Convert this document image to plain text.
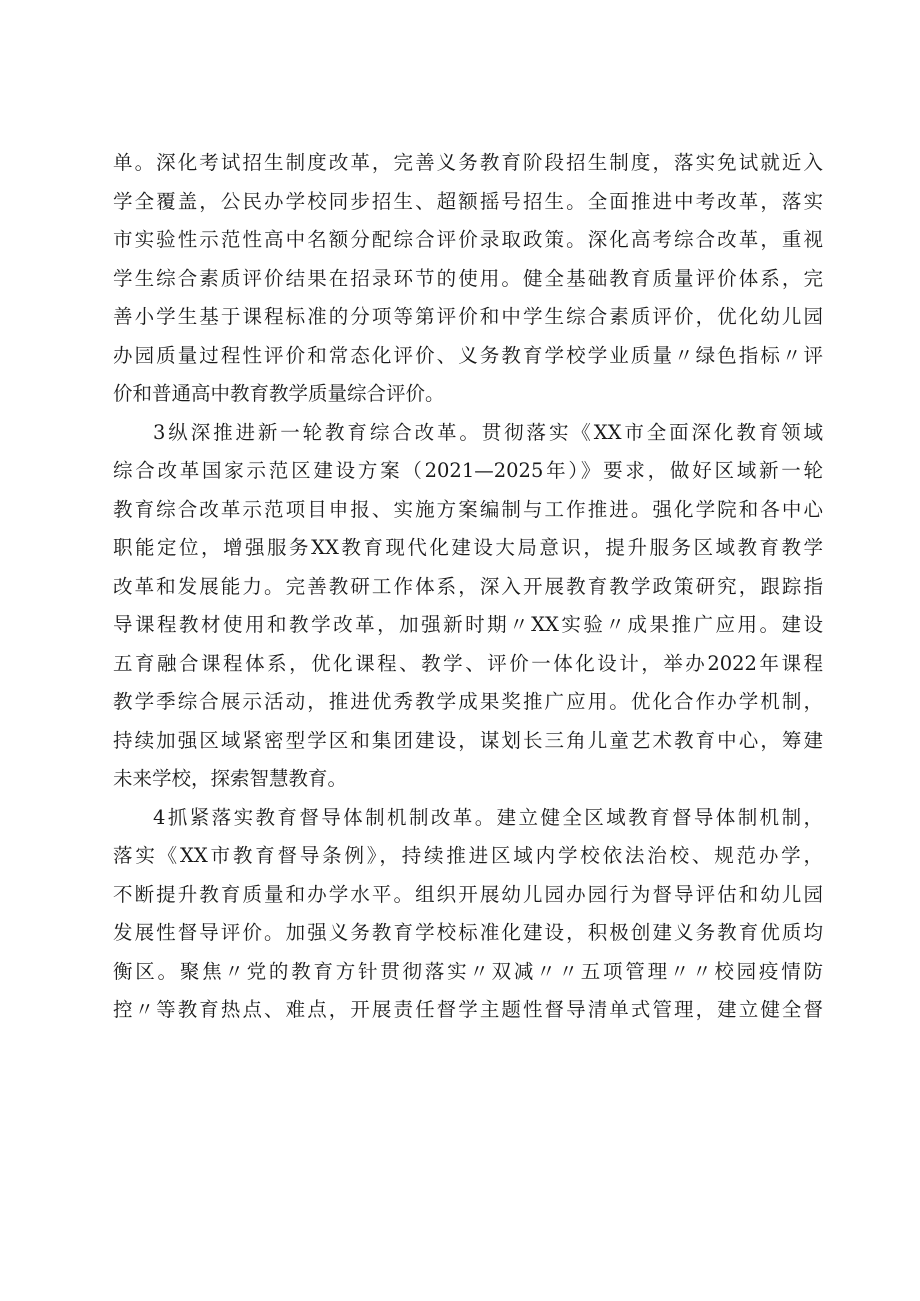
单。深化考试招生制度改革，完善义务教育阶段招生制度，落实免试就近入
学全覆盖，公民办学校同步招生、超额摇号招生。全面推进中考改革，落实
市实验性示范性高中名额分配综合评价录取政策。深化高考综合改革，重视
学生综合素质评价结果在招录环节的使用。健全基础教育质量评价体系，完
善小学生基于课程标准的分项等第评价和中学生综合素质评价，优化幼儿园
办园质量过程性评价和常态化评价、义务教育学校学业质量〃绿色指标〃评
价和普通高中教育教学质量综合评价。
3纵深推进新一轮教育综合改革。贯彻落实《XX市全面深化教育领域
综合改革国家示范区建设方案（2021—2025年）》要求，做好区域新一轮
教育综合改革示范项目申报、实施方案编制与工作推进。强化学院和各中心
职能定位，增强服务XX教育现代化建设大局意识，提升服务区域教育教学
改革和发展能力。完善教研工作体系，深入开展教育教学政策研究，跟踪指
导课程教材使用和教学改革，加强新时期〃XX实验〃成果推广应用。建设
五育融合课程体系，优化课程、教学、评价一体化设计，举办2022年课程
教学季综合展示活动，推进优秀教学成果奖推广应用。优化合作办学机制，
持续加强区域紧密型学区和集团建设，谋划长三角儿童艺术教育中心，筹建
未来学校，探索智慧教育。
4抓紧落实教育督导体制机制改革。建立健全区域教育督导体制机制，
落实《XX市教育督导条例》，持续推进区域内学校依法治校、规范办学，
不断提升教育质量和办学水平。组织开展幼儿园办园行为督导评估和幼儿园
发展性督导评价。加强义务教育学校标准化建设，积极创建义务教育优质均
衡区。聚焦〃党的教育方针贯彻落实〃双减〃〃五项管理〃〃校园疫情防
控〃等教育热点、难点，开展责任督学主题性督导清单式管理，建立健全督
